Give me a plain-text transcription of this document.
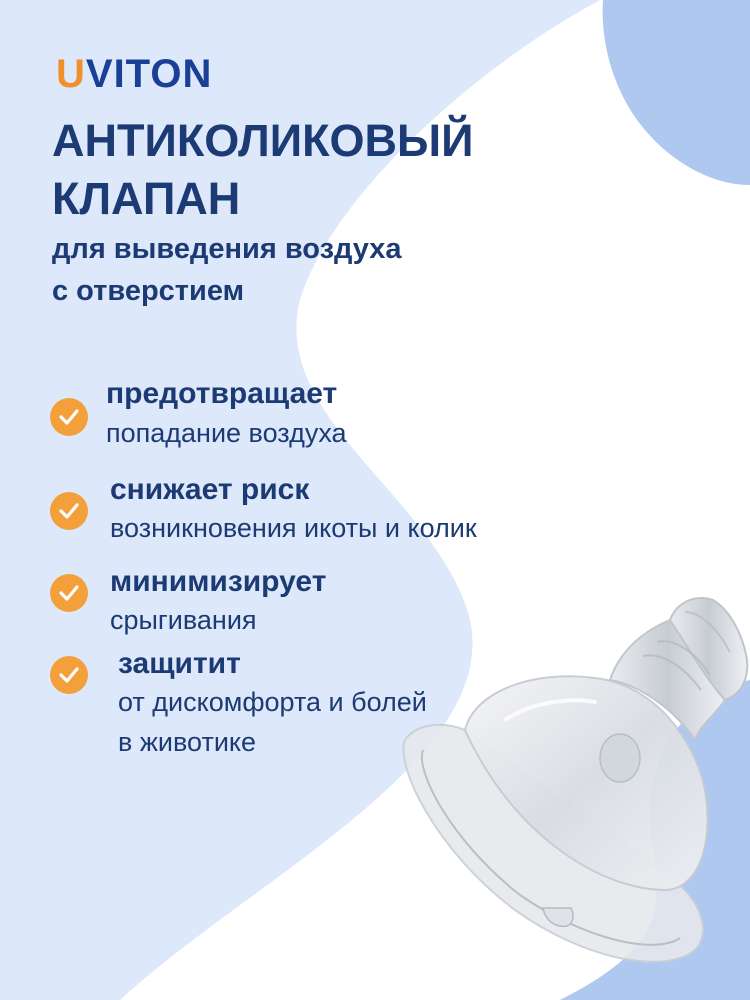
UVITON
АНТИКОЛИКОВЫЙ
КЛАПАН
для выведения воздуха
с отверстием
предотвращает
попадание воздуха
снижает риск
возникновения икоты и колик
минимизирует
срыгивания
защитит
от дискомфорта и болей
в животике
